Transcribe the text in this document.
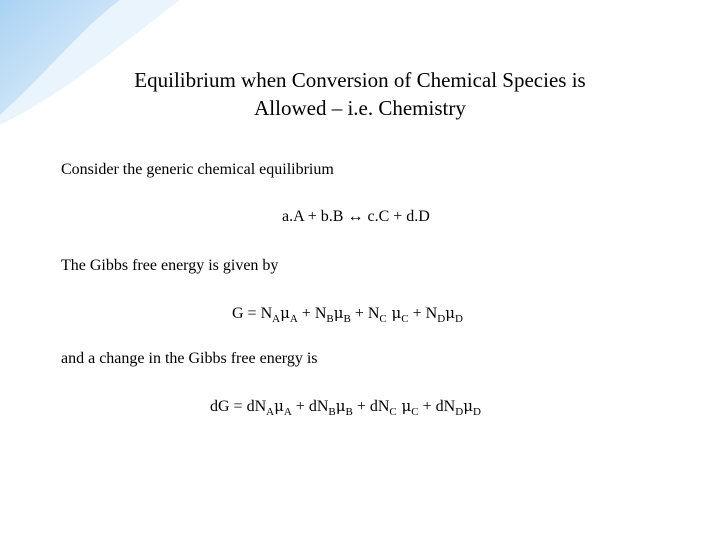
Equilibrium when Conversion of Chemical Species is
Allowed – i.e. Chemistry
Consider the generic chemical equilibrium
a.A + b.B ↔ c.C + d.D
The Gibbs free energy is given by
$G = N_A\mu_A + N_B\mu_B + N_C$ $\mu_C + N_D\mu_D$
and a change in the Gibbs free energy is
dG = $dN_A\mu_A + dN_B\mu_B + dN_C$ $\mu_C + dN_D\mu_D$
